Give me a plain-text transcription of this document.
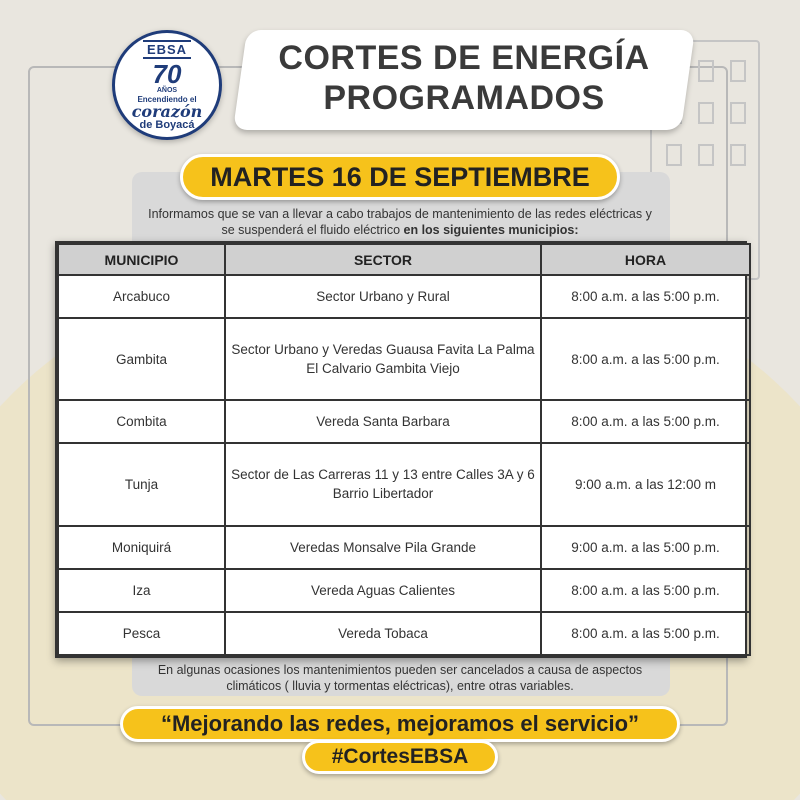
EBSA
70
AÑOS
Encendiendo el
corazón
de Boyacá
CORTES DE ENERGÍA PROGRAMADOS
MARTES 16 DE SEPTIEMBRE
Informamos que se van a llevar a cabo trabajos de mantenimiento de las redes eléctricas y se suspenderá el fluido eléctrico en los siguientes municipios:
MUNICIPIO	SECTOR	HORA
Arcabuco	Sector Urbano y Rural	8:00 a.m. a las 5:00 p.m.
Gambita	Sector Urbano y Veredas Guausa Favita La Palma El Calvario Gambita Viejo	8:00 a.m. a las 5:00 p.m.
Combita	Vereda Santa Barbara	8:00 a.m. a las 5:00 p.m.
Tunja	Sector de Las Carreras 11 y 13 entre Calles 3A y 6 Barrio Libertador	9:00 a.m. a las 12:00 m
Moniquirá	Veredas Monsalve Pila Grande	9:00 a.m. a las 5:00 p.m.
Iza	Vereda Aguas Calientes	8:00 a.m. a las 5:00 p.m.
Pesca	Vereda Tobaca	8:00 a.m. a las 5:00 p.m.
En algunas ocasiones los mantenimientos pueden ser cancelados a causa de aspectos climáticos ( lluvia y tormentas eléctricas), entre otras variables.
“Mejorando las redes, mejoramos el servicio”
#CortesEBSA
